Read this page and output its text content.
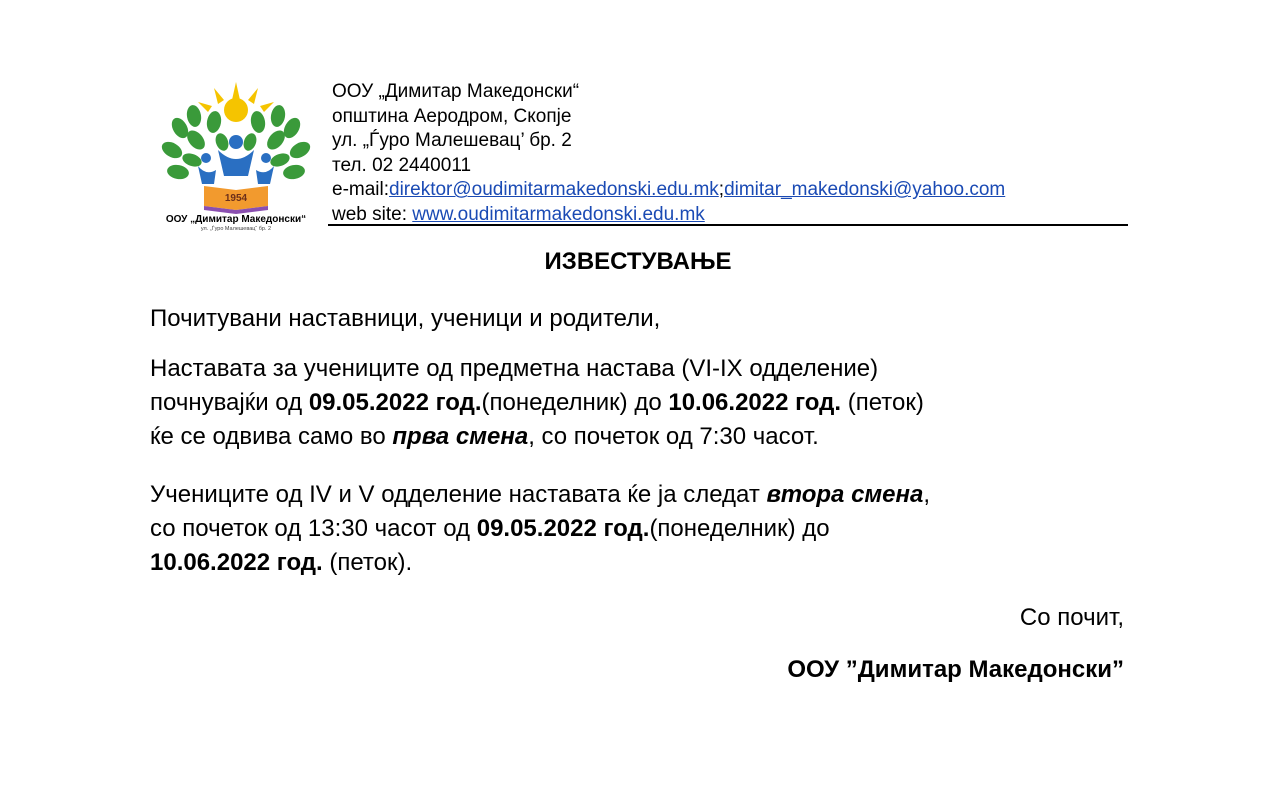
1954
ООУ „Димитар Македонски“
ул. „Ѓуро Малешевац“ бр. 2
ООУ „Димитар Македонски“
општина Аеродром, Скопје
ул. „Ѓуро Малешевац’ бр. 2
тел. 02 2440011
e-mail:direktor@oudimitarmakedonski.edu.mk;dimitar_makedonski@yahoo.com
web site: www.oudimitarmakedonski.edu.mk
ИЗВЕСТУВАЊЕ
Почитувани наставници, ученици и родители,
Наставата за учениците од предметна настава (VI-IX одделение)
почнувајќи од 09.05.2022 год.(понеделник) до 10.06.2022 год. (петок)
ќе се одвива само во прва смена, со почеток од 7:30 часот.
Учениците од IV и V одделение наставата ќе ја следат втора смена,
со почеток од 13:30 часот од 09.05.2022 год.(понеделник) до
10.06.2022 год. (петок).
Со почит,
ООУ ”Димитар Македонски”
